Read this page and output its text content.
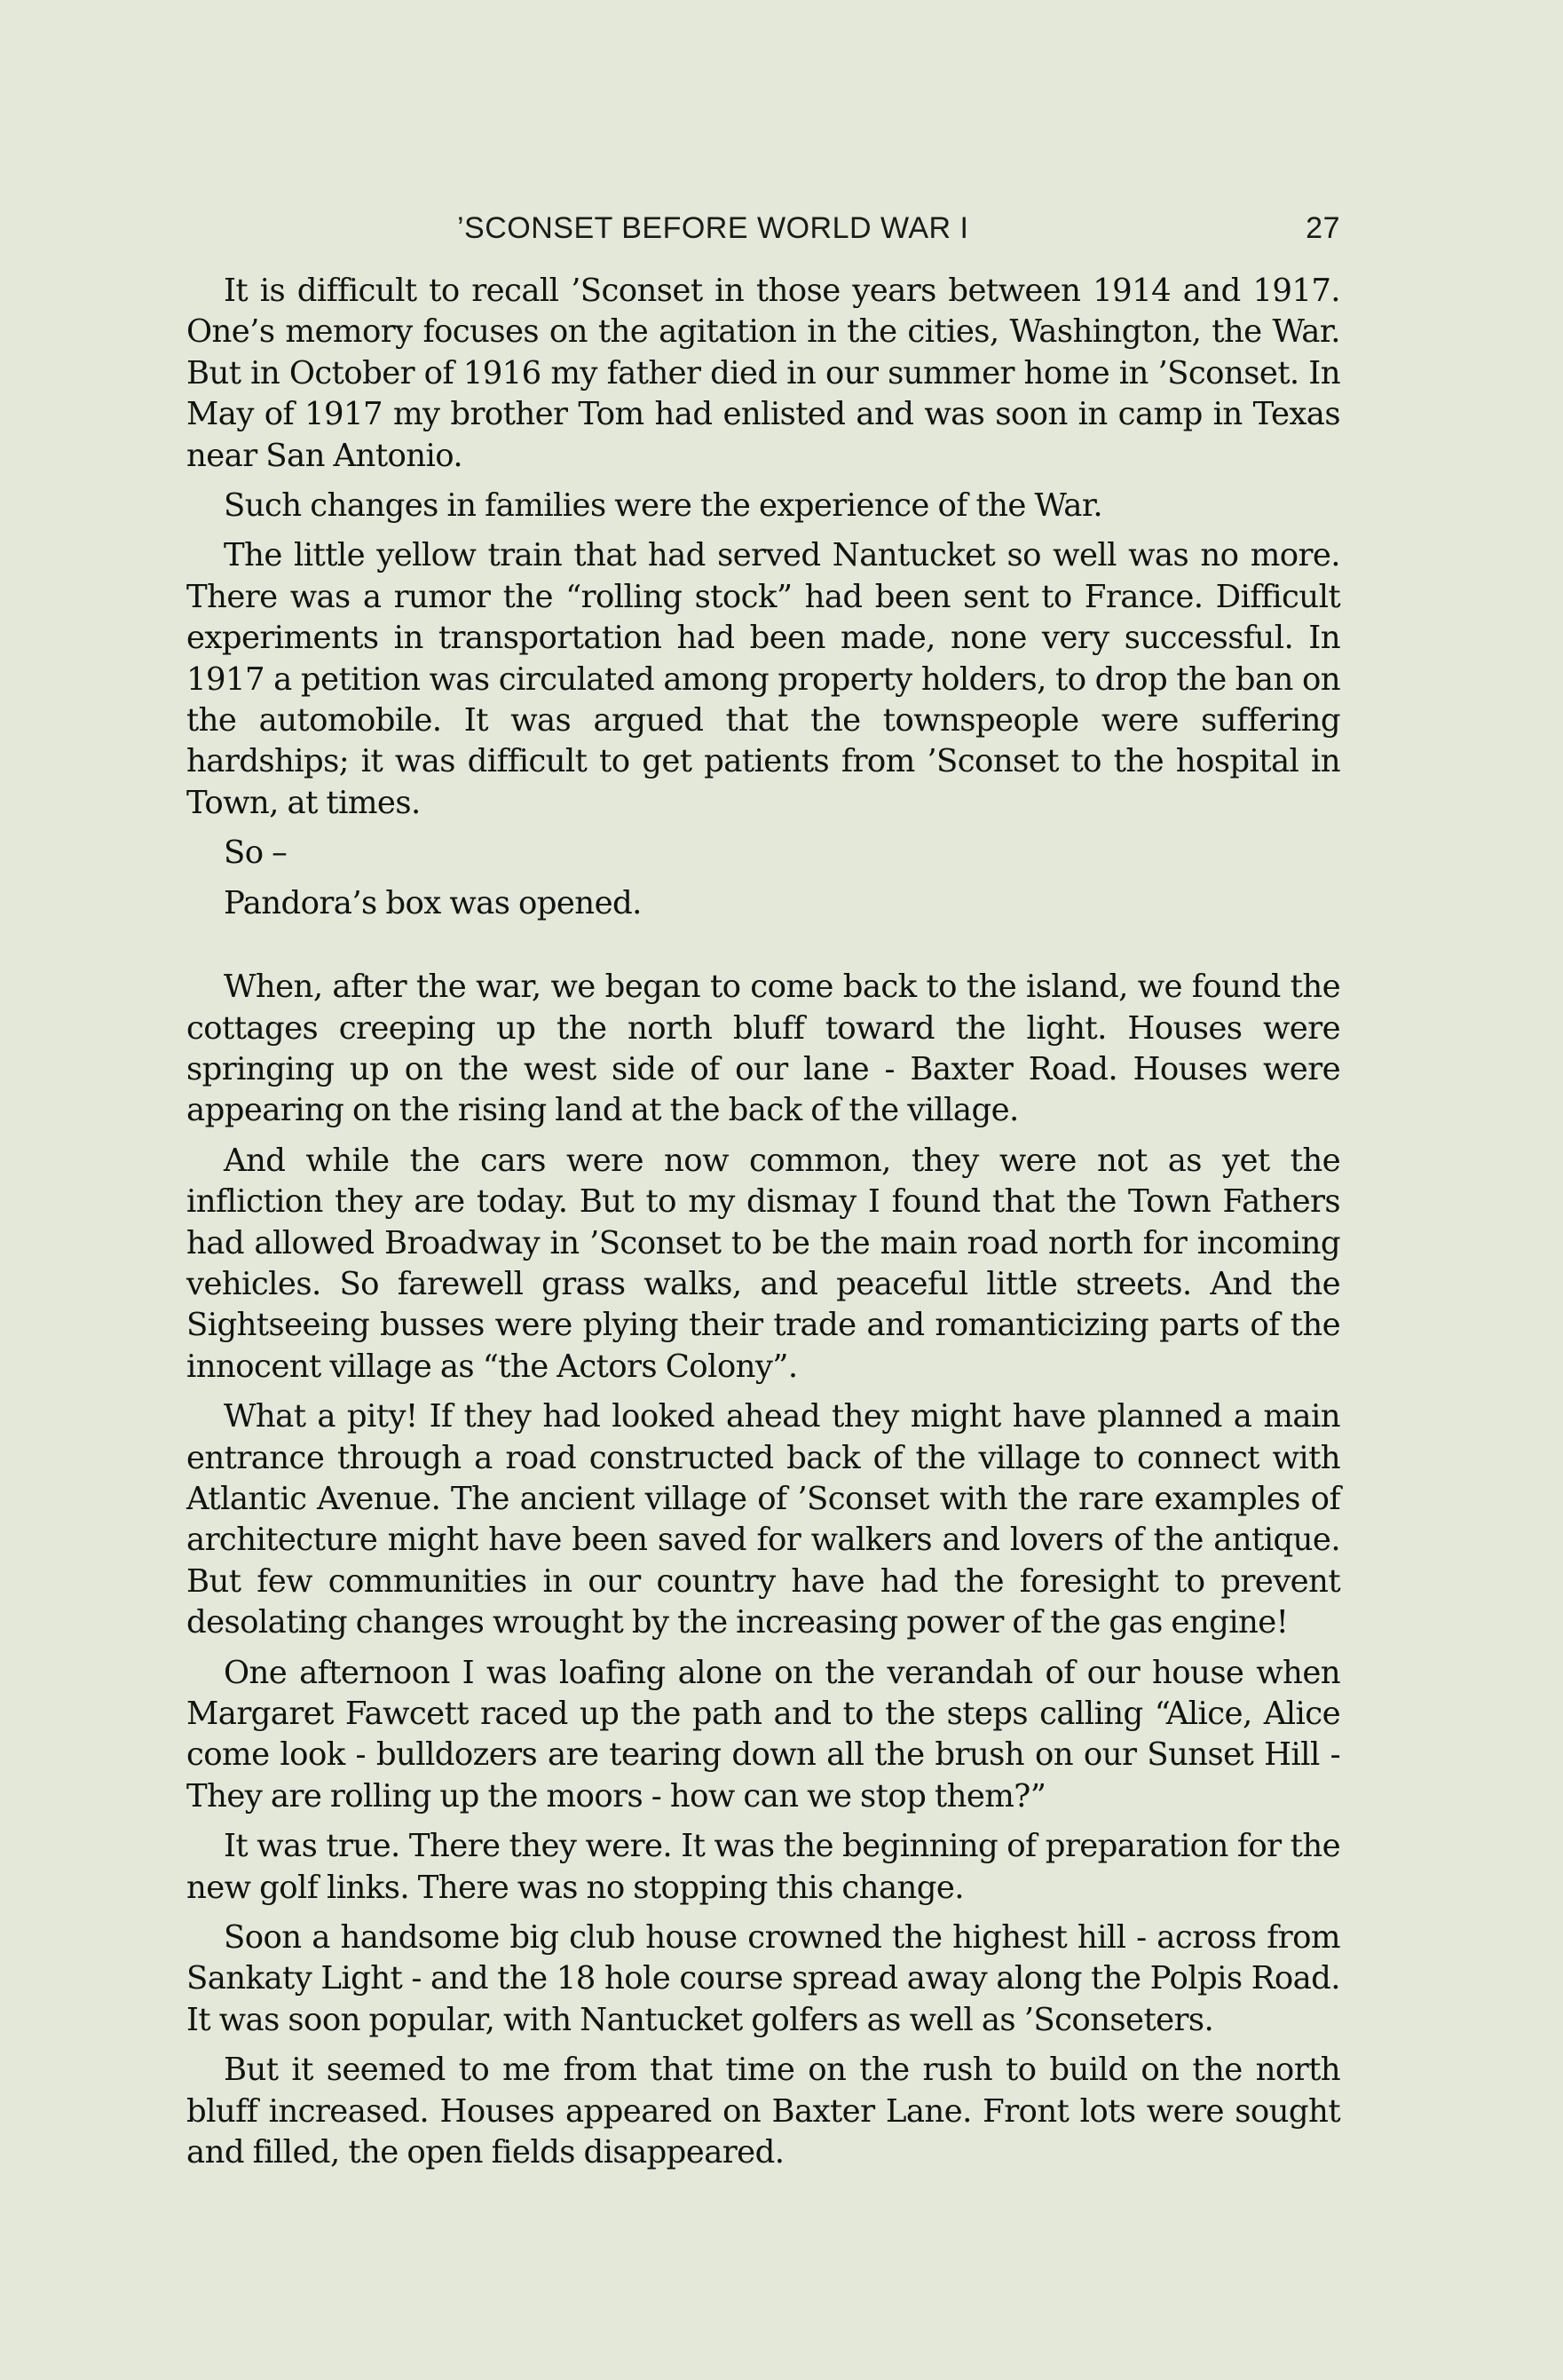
’SCONSET BEFORE WORLD WAR I	27

It is difficult to recall ’Sconset in those years between 1914 and 1917. One’s memory focuses on the agitation in the cities, Washington, the War. But in October of 1916 my father died in our summer home in ’Sconset. In May of 1917 my brother Tom had enlisted and was soon in camp in Texas near San Antonio.

Such changes in families were the experience of the War.

The little yellow train that had served Nantucket so well was no more. There was a rumor the “rolling stock” had been sent to France. Difficult experiments in transportation had been made, none very successful. In 1917 a petition was circulated among property holders, to drop the ban on the automobile. It was argued that the townspeople were suffering hardships; it was difficult to get patients from ’Sconset to the hospital in Town, at times.

So –

Pandora’s box was opened.

When, after the war, we began to come back to the island, we found the cottages creeping up the north bluff toward the light. Houses were springing up on the west side of our lane - Baxter Road. Houses were appearing on the rising land at the back of the village.

And while the cars were now common, they were not as yet the infliction they are today. But to my dismay I found that the Town Fathers had allowed Broadway in ’Sconset to be the main road north for incoming vehicles. So farewell grass walks, and peaceful little streets. And the Sightseeing busses were plying their trade and romanticizing parts of the innocent village as “the Actors Colony”.

What a pity! If they had looked ahead they might have planned a main entrance through a road constructed back of the village to connect with Atlantic Avenue. The ancient village of ’Sconset with the rare examples of architecture might have been saved for walkers and lovers of the antique. But few communities in our country have had the foresight to prevent desolating changes wrought by the increasing power of the gas engine!

One afternoon I was loafing alone on the verandah of our house when Margaret Fawcett raced up the path and to the steps calling “Alice, Alice come look - bulldozers are tearing down all the brush on our Sunset Hill - They are rolling up the moors - how can we stop them?”

It was true. There they were. It was the beginning of preparation for the new golf links. There was no stopping this change.

Soon a handsome big club house crowned the highest hill - across from Sankaty Light - and the 18 hole course spread away along the Polpis Road. It was soon popular, with Nantucket golfers as well as ’Sconseters.

But it seemed to me from that time on the rush to build on the north bluff increased. Houses appeared on Baxter Lane. Front lots were sought and filled, the open fields disappeared.
